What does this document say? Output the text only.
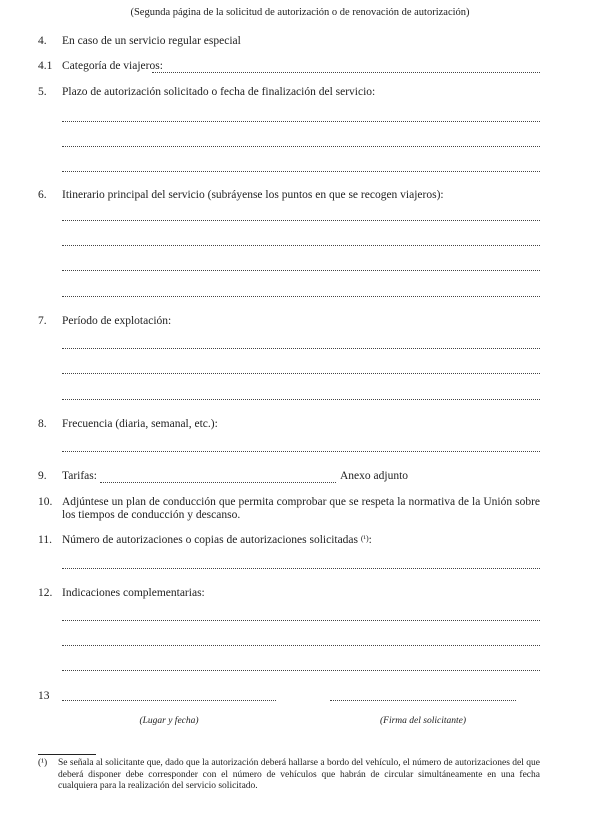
(Segunda página de la solicitud de autorización o de renovación de autorización)
4. En caso de un servicio regular especial
4.1 Categoría de viajeros:
5. Plazo de autorización solicitado o fecha de finalización del servicio:
6. Itinerario principal del servicio (subráyense los puntos en que se recogen viajeros):
7. Período de explotación:
8. Frecuencia (diaria, semanal, etc.):
9. Tarifas:	Anexo adjunto
10. Adjúntese un plan de conducción que permita comprobar que se respeta la normativa de la Unión sobre los tiempos de conducción y descanso.
11. Número de autorizaciones o copias de autorizaciones solicitadas $^{(^1)}$:
12. Indicaciones complementarias:
13
(Lugar y fecha)	(Firma del solicitante)
(¹) Se señala al solicitante que, dado que la autorización deberá hallarse a bordo del vehículo, el número de autorizaciones del que deberá disponer debe corresponder con el número de vehículos que habrán de circular simultáneamente en una fecha cualquiera para la realización del servicio solicitado.
